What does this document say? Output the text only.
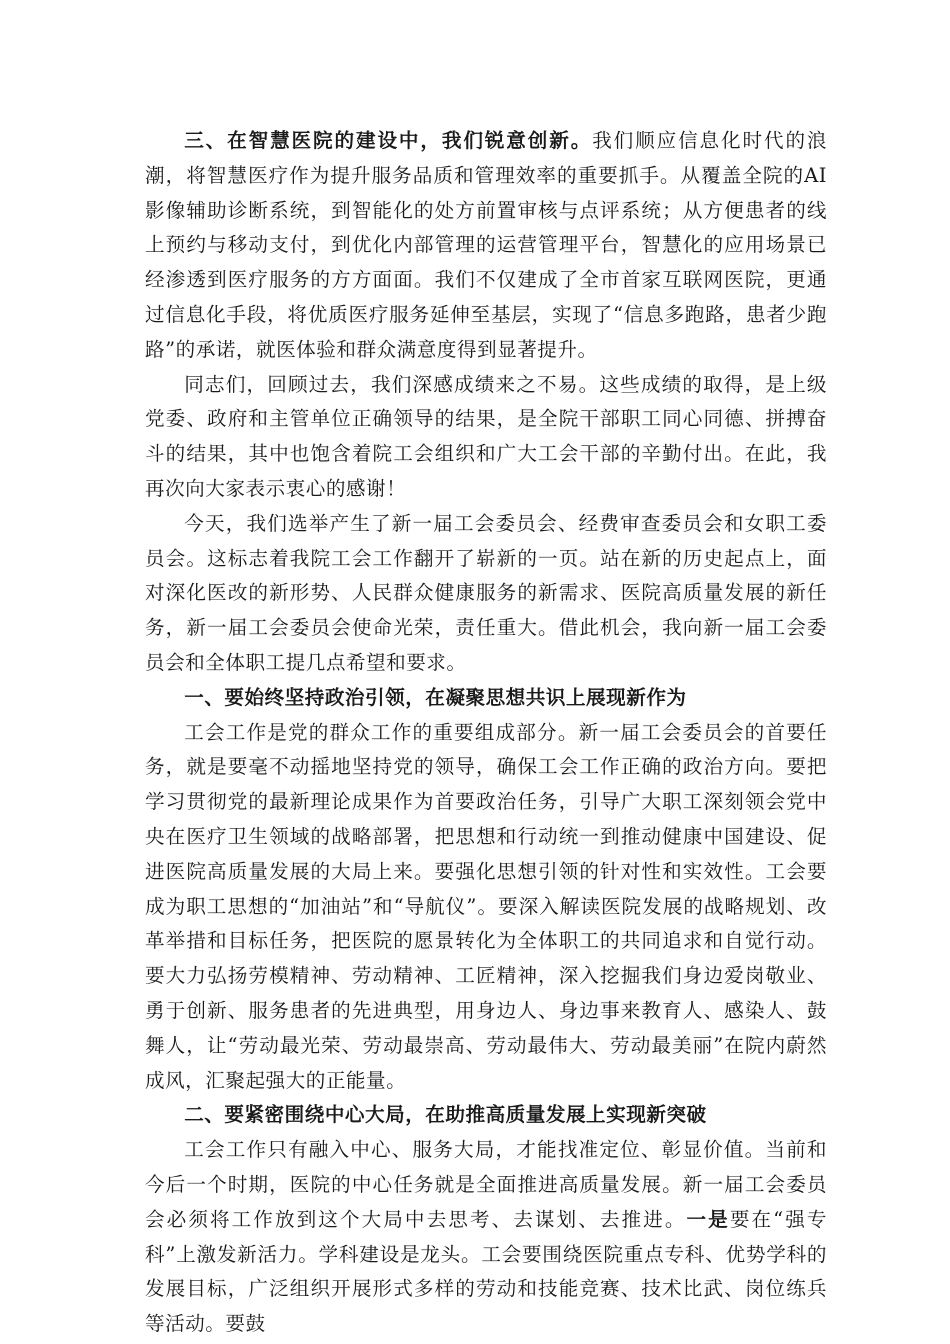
三、在智慧医院的建设中，我们锐意创新。我们顺应信息化时代的浪潮，将智慧医疗作为提升服务品质和管理效率的重要抓手。从覆盖全院的AI影像辅助诊断系统，到智能化的处方前置审核与点评系统；从方便患者的线上预约与移动支付，到优化内部管理的运营管理平台，智慧化的应用场景已经渗透到医疗服务的方方面面。我们不仅建成了全市首家互联网医院，更通过信息化手段，将优质医疗服务延伸至基层，实现了“信息多跑路，患者少跑路”的承诺，就医体验和群众满意度得到显著提升。

同志们，回顾过去，我们深感成绩来之不易。这些成绩的取得，是上级党委、政府和主管单位正确领导的结果，是全院干部职工同心同德、拼搏奋斗的结果，其中也饱含着院工会组织和广大工会干部的辛勤付出。在此，我再次向大家表示衷心的感谢！

今天，我们选举产生了新一届工会委员会、经费审查委员会和女职工委员会。这标志着我院工会工作翻开了崭新的一页。站在新的历史起点上，面对深化医改的新形势、人民群众健康服务的新需求、医院高质量发展的新任务，新一届工会委员会使命光荣，责任重大。借此机会，我向新一届工会委员会和全体职工提几点希望和要求。

一、要始终坚持政治引领，在凝聚思想共识上展现新作为

工会工作是党的群众工作的重要组成部分。新一届工会委员会的首要任务，就是要毫不动摇地坚持党的领导，确保工会工作正确的政治方向。要把学习贯彻党的最新理论成果作为首要政治任务，引导广大职工深刻领会党中央在医疗卫生领域的战略部署，把思想和行动统一到推动健康中国建设、促进医院高质量发展的大局上来。要强化思想引领的针对性和实效性。工会要成为职工思想的“加油站”和“导航仪”。要深入解读医院发展的战略规划、改革举措和目标任务，把医院的愿景转化为全体职工的共同追求和自觉行动。要大力弘扬劳模精神、劳动精神、工匠精神，深入挖掘我们身边爱岗敬业、勇于创新、服务患者的先进典型，用身边人、身边事来教育人、感染人、鼓舞人，让“劳动最光荣、劳动最崇高、劳动最伟大、劳动最美丽”在院内蔚然成风，汇聚起强大的正能量。

二、要紧密围绕中心大局，在助推高质量发展上实现新突破

工会工作只有融入中心、服务大局，才能找准定位、彰显价值。当前和今后一个时期，医院的中心任务就是全面推进高质量发展。新一届工会委员会必须将工作放到这个大局中去思考、去谋划、去推进。一是要在“强专科”上激发新活力。学科建设是龙头。工会要围绕医院重点专科、优势学科的发展目标，广泛组织开展形式多样的劳动和技能竞赛、技术比武、岗位练兵等活动。要鼓
